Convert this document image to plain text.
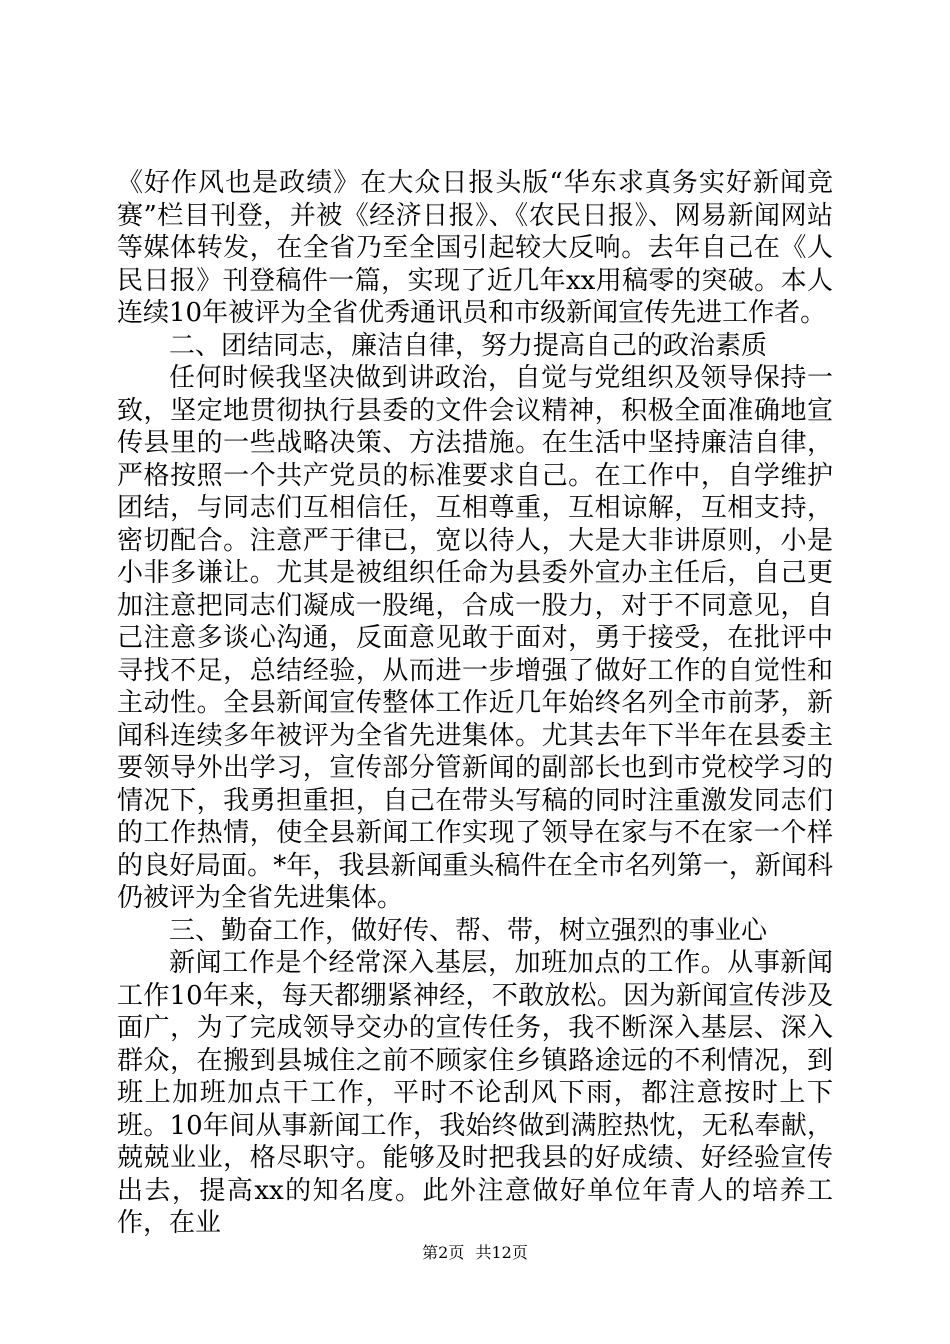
《好作风也是政绩》在大众日报头版“华东求真务实好新闻竞赛”栏目刊登，并被《经济日报》、《农民日报》、网易新闻网站等媒体转发，在全省乃至全国引起较大反响。去年自己在《人民日报》刊登稿件一篇，实现了近几年xx用稿零的突破。本人连续10年被评为全省优秀通讯员和市级新闻宣传先进工作者。

二、团结同志，廉洁自律，努力提高自己的政治素质

任何时候我坚决做到讲政治，自觉与党组织及领导保持一致，坚定地贯彻执行县委的文件会议精神，积极全面准确地宣传县里的一些战略决策、方法措施。在生活中坚持廉洁自律，严格按照一个共产党员的标准要求自己。在工作中，自学维护团结，与同志们互相信任，互相尊重，互相谅解，互相支持，密切配合。注意严于律已，宽以待人，大是大非讲原则，小是小非多谦让。尤其是被组织任命为县委外宣办主任后，自己更加注意把同志们凝成一股绳，合成一股力，对于不同意见，自己注意多谈心沟通，反面意见敢于面对，勇于接受，在批评中寻找不足，总结经验，从而进一步增强了做好工作的自觉性和主动性。全县新闻宣传整体工作近几年始终名列全市前茅，新闻科连续多年被评为全省先进集体。尤其去年下半年在县委主要领导外出学习，宣传部分管新闻的副部长也到市党校学习的情况下，我勇担重担，自己在带头写稿的同时注重激发同志们的工作热情，使全县新闻工作实现了领导在家与不在家一个样的良好局面。*年，我县新闻重头稿件在全市名列第一，新闻科仍被评为全省先进集体。

三、勤奋工作，做好传、帮、带，树立强烈的事业心

新闻工作是个经常深入基层，加班加点的工作。从事新闻工作10年来，每天都绷紧神经，不敢放松。因为新闻宣传涉及面广，为了完成领导交办的宣传任务，我不断深入基层、深入群众，在搬到县城住之前不顾家住乡镇路途远的不利情况，到班上加班加点干工作，平时不论刮风下雨，都注意按时上下班。10年间从事新闻工作，我始终做到满腔热忱，无私奉献，兢兢业业，格尽职守。能够及时把我县的好成绩、好经验宣传出去，提高xx的知名度。此外注意做好单位年青人的培养工作，在业

第2页 共12页
